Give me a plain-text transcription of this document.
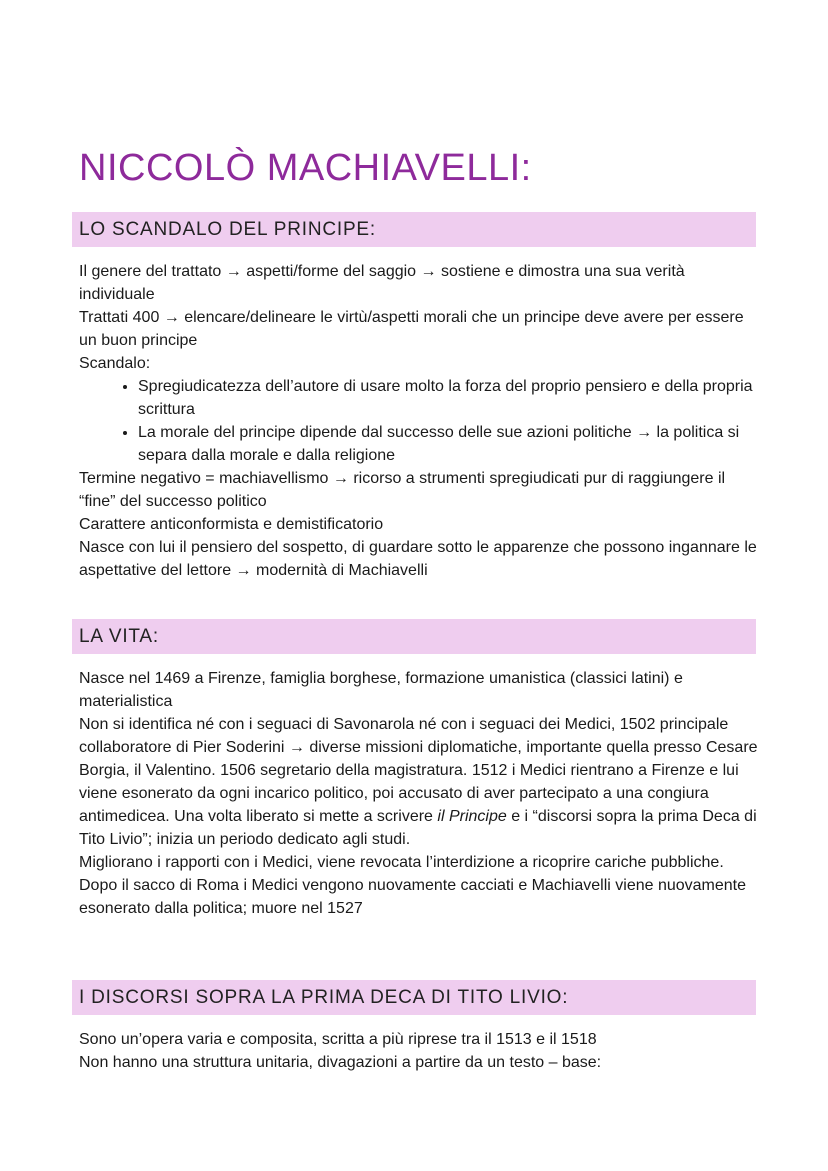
NICCOLÒ MACHIAVELLI:
LO SCANDALO DEL PRINCIPE:

Il genere del trattato → aspetti/forme del saggio → sostiene e dimostra una sua verità individuale

Trattati 400 → elencare/delineare le virtù/aspetti morali che un principe deve avere per essere un buon principe

Scandalo:

• Spregiudicatezza dell’autore di usare molto la forza del proprio pensiero e della propria scrittura
• La morale del principe dipende dal successo delle sue azioni politiche → la politica si separa dalla morale e dalla religione

Termine negativo = machiavellismo → ricorso a strumenti spregiudicati pur di raggiungere il “fine” del successo politico

Carattere anticonformista e demistificatorio

Nasce con lui il pensiero del sospetto, di guardare sotto le apparenze che possono ingannare le aspettative del lettore → modernità di Machiavelli

LA VITA:

Nasce nel 1469 a Firenze, famiglia borghese, formazione umanistica (classici latini) e materialistica

Non si identifica né con i seguaci di Savonarola né con i seguaci dei Medici, 1502 principale collaboratore di Pier Soderini → diverse missioni diplomatiche, importante quella presso Cesare Borgia, il Valentino. 1506 segretario della magistratura. 1512 i Medici rientrano a Firenze e lui viene esonerato da ogni incarico politico, poi accusato di aver partecipato a una congiura antimedicea. Una volta liberato si mette a scrivere il Principe e i “discorsi sopra la prima Deca di Tito Livio”; inizia un periodo dedicato agli studi.

Migliorano i rapporti con i Medici, viene revocata l’interdizione a ricoprire cariche pubbliche. Dopo il sacco di Roma i Medici vengono nuovamente cacciati e Machiavelli viene nuovamente esonerato dalla politica; muore nel 1527

I DISCORSI SOPRA LA PRIMA DECA DI TITO LIVIO:

Sono un’opera varia e composita, scritta a più riprese tra il 1513 e il 1518

Non hanno una struttura unitaria, divagazioni a partire da un testo – base:
